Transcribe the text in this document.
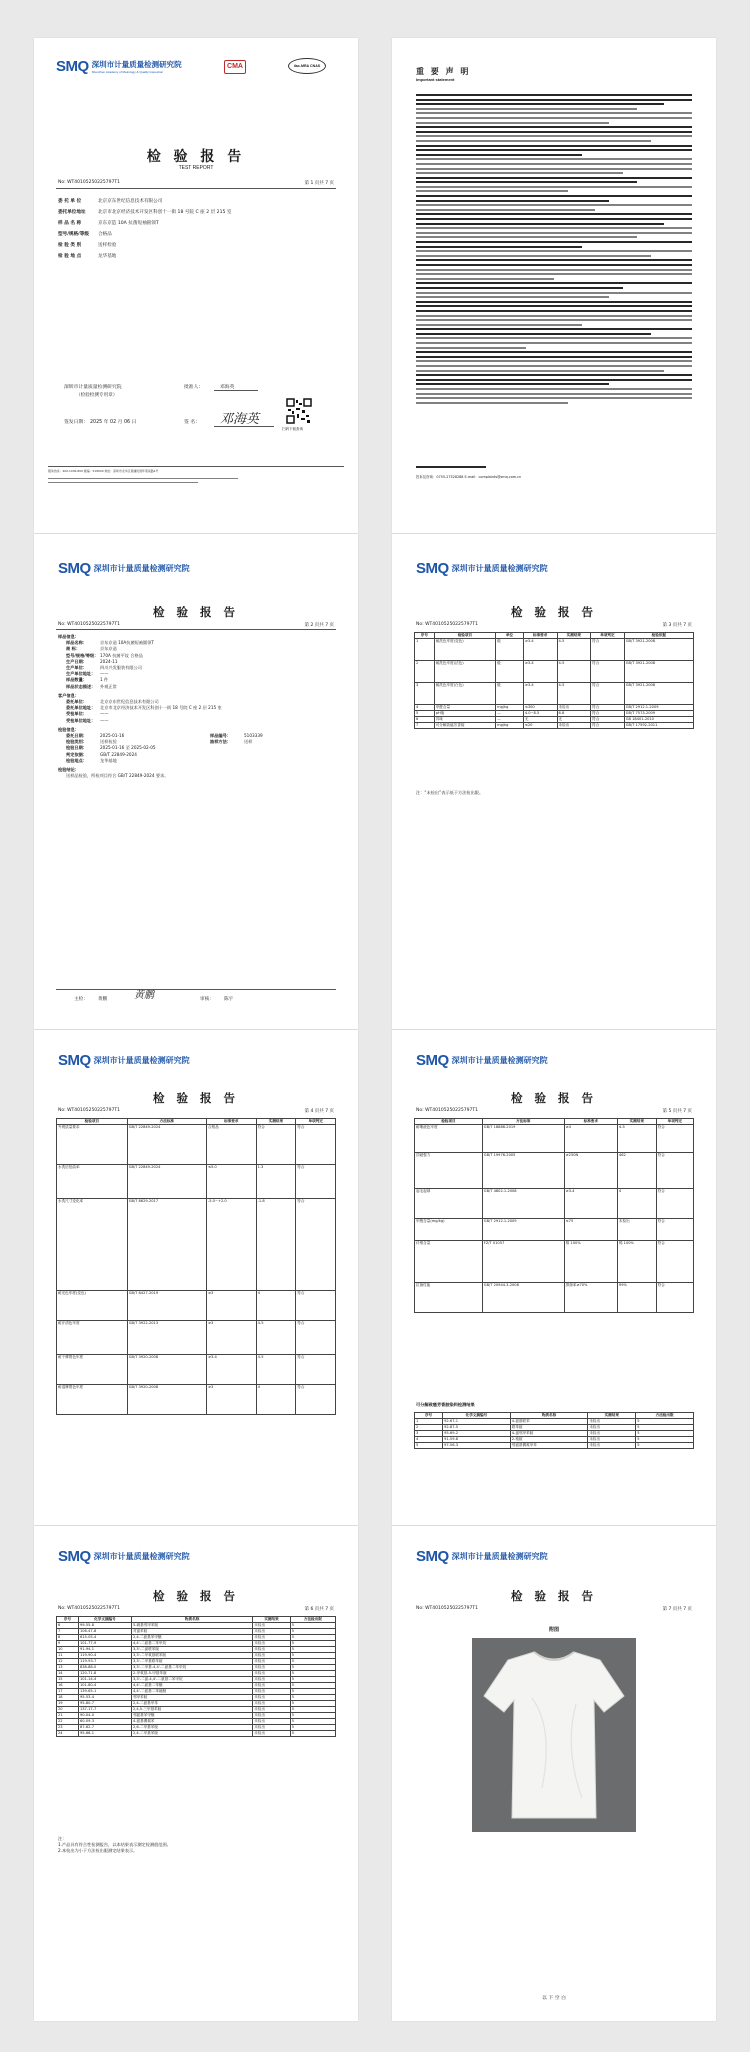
SMQ 深圳市计量质量检测研究院
Shenzhen Academy of Metrology & Quality Inspection
CMA	ilac-MRA CNAS
检 验 报 告
TEST REPORT
No: WT40105250225797T1	第 1 页共 7 页
委 托 单 位	北京京东世纪信息技术有限公司
委托单位地址	北京市北京经济技术开发区科创十一街 18 号院 C 座 2 层 215 室
样 品 名 称	京东京造 10A 抗菌短袖圆领T
型号/规格/等级	合格品
检 验 类 别	送样检验
检 验 地 点	龙华基地
深圳市计量质量检测研究院
（检验检测专用章）
批准人：	邓海英
签发日期： 2025 年 02 月 06 日	签 名： 邓海英
扫码下载查询
服务热线：400-1036-800 邮编：518000 地址：深圳市龙华区观澜街道环观南路4号
重 要 声 明
Important statement
投诉及咨询：0755-27528288 E-mail：complaints@smq.com.cn
SMQ 深圳市计量质量检测研究院
检 验 报 告
No: WT40105250225797T1	第 2 页共 7 页
样品信息：
样品名称：	京东京造 10A抗菌短袖圆领T
商 标：	京东京造
型号/规格/等级： 170A 抗菌平纹 合格品
生产日期：	2024-11
生产单位：	四川兴发服装有限公司
生产单位地址：	——
样品数量：	1 件
样品状态描述：	外观正常
客户信息：
委托单位：	北京京东世纪信息技术有限公司
委托单位地址：	北京市北京经济技术开发区科创十一街 18 号院 C 座 2 层 215 室
受检单位：	——
受检单位地址：	——
检验信息：
委托日期：	2025-01-16	样品编号：	5103339
检验类别：	送样检验	抽样方法：	送样
检验日期：	2025-01-16 至 2025-02-05
判定依据：	GB/T 22849-2024
检验地点：	龙华基地
检验结论：
送样品检验，所检项目符合 GB/T 22849-2024 要求。
主检： 黄鹏	黄鹏	审核： 陈宇
SMQ 深圳市计量质量检测研究院
检 验 报 告
No: WT40105250225797T1	第 3 页共 7 页
序号	检验项目	单位	标准要求	实测结果	单项判定	检验依据
1	耐洗色牢度(变色)	级	≥3-4	4-5	符合	GB/T 3921-2008
2	耐洗色牢度(沾色)	级	≥3-4	4-5	符合	GB/T 3921-2008
3	耐洗色牢度(白色)	级	≥3-4	4-5	符合	GB/T 3921-2008
4	甲醛含量	mg/kg	≤300	未检出	符合	GB/T 2912.1-2009
5	pH值	—	4.0~8.5	6.8	符合	GB/T 7573-2009
6	异味	—	无	无	符合	GB 18401-2010
7	可分解致癌芳香胺	mg/kg	≤20	未检出	符合	GB/T 17592-2011
注：“未检出”表示低于方法检出限。
SMQ 深圳市计量质量检测研究院
检 验 报 告
No: WT40105250225797T1	第 4 页共 7 页
检验项目	方法标准	标准要求	实测结果	单项判定
外观质量要求	GB/T 22849-2024	合格品	符合	符合
水洗后扭曲率	GB/T 22849-2024	≤5.0	1.3	符合
水洗尺寸变化率	GB/T 8629-2017	-5.0~+2.0	-1.8	符合
耐光色牢度(变色)	GB/T 8427-2019	≥3	4	符合
耐汗渍色牢度	GB/T 3922-2013	≥3	4-5	符合
耐干摩擦色牢度	GB/T 3920-2008	≥3-4	4-5	符合
耐湿摩擦色牢度	GB/T 3920-2008	≥3	4	符合
SMQ 深圳市计量质量检测研究院
检 验 报 告
No: WT40105250225797T1	第 5 页共 7 页
检验项目	方法标准	标准要求	实测结果	单项判定
耐唾液色牢度	GB/T 18886-2019	≥4	4-5	符合
顶破强力	GB/T 19976-2005	≥250N	462	符合
起毛起球	GB/T 4802.1-2008	≥3-4	4	符合
甲醛含量(mg/kg)	GB/T 2912.1-2009	≤75	未检出	符合
纤维含量	FZ/T 01057	棉 100%	棉 100%	符合
抗菌性能	GB/T 20944.3-2008	抑菌率≥70%	99%	符合
可分解致癌芳香胺染料检测结果
序号	化学文摘编号	物质名称	实测结果	方法检出限
1	92-67-1	4-氨基联苯	未检出	5
2	92-87-5	联苯胺	未检出	5
3	95-69-2	4-氯邻甲苯胺	未检出	5
4	91-59-8	2-萘胺	未检出	5
5	97-56-3	邻氨基偶氮甲苯	未检出	5
SMQ 深圳市计量质量检测研究院
检 验 报 告
No: WT40105250225797T1	第 6 页共 7 页
序号	化学文摘编号	物质名称	实测结果	方法检出限
6	99-55-8	5-硝基邻甲苯胺	未检出	5
7	106-47-8	对氯苯胺	未检出	5
8	615-05-4	2,4-二氨基苯甲醚	未检出	5
9	101-77-9	4,4'-二氨基二苯甲烷	未检出	5
10	91-94-1	3,3'-二氯联苯胺	未检出	5
11	119-90-4	3,3'-二甲氧基联苯胺	未检出	5
12	119-93-7	3,3'-二甲基联苯胺	未检出	5
13	838-88-0	3,3'-二甲基-4,4'-二氨基二苯甲烷	未检出	5
14	120-71-8	2-甲氧基-5-甲基苯胺	未检出	5
15	101-14-4	3,3'-二氯-4,4'-二氨基二苯甲烷	未检出	5
16	101-80-4	4,4'-二氨基二苯醚	未检出	5
17	139-65-1	4,4'-二氨基二苯硫醚	未检出	5
18	95-53-4	邻甲苯胺	未检出	5
19	95-80-7	2,4-二氨基甲苯	未检出	5
20	137-17-7	2,4,5-三甲基苯胺	未检出	5
21	90-04-0	邻氨基苯甲醚	未检出	5
22	60-09-3	4-氨基偶氮苯	未检出	5
23	87-62-7	2,6-二甲基苯胺	未检出	5
24	95-68-1	2,4-二甲基苯胺	未检出	5
注：
1.产品具有符合性检测报告，以本结果表示测定检测值范围。
2.本检出为小于方法检出限测定结果表示。
SMQ 深圳市计量质量检测研究院
检 验 报 告
No: WT40105250225797T1	第 7 页共 7 页
附图
以 下 空 白
